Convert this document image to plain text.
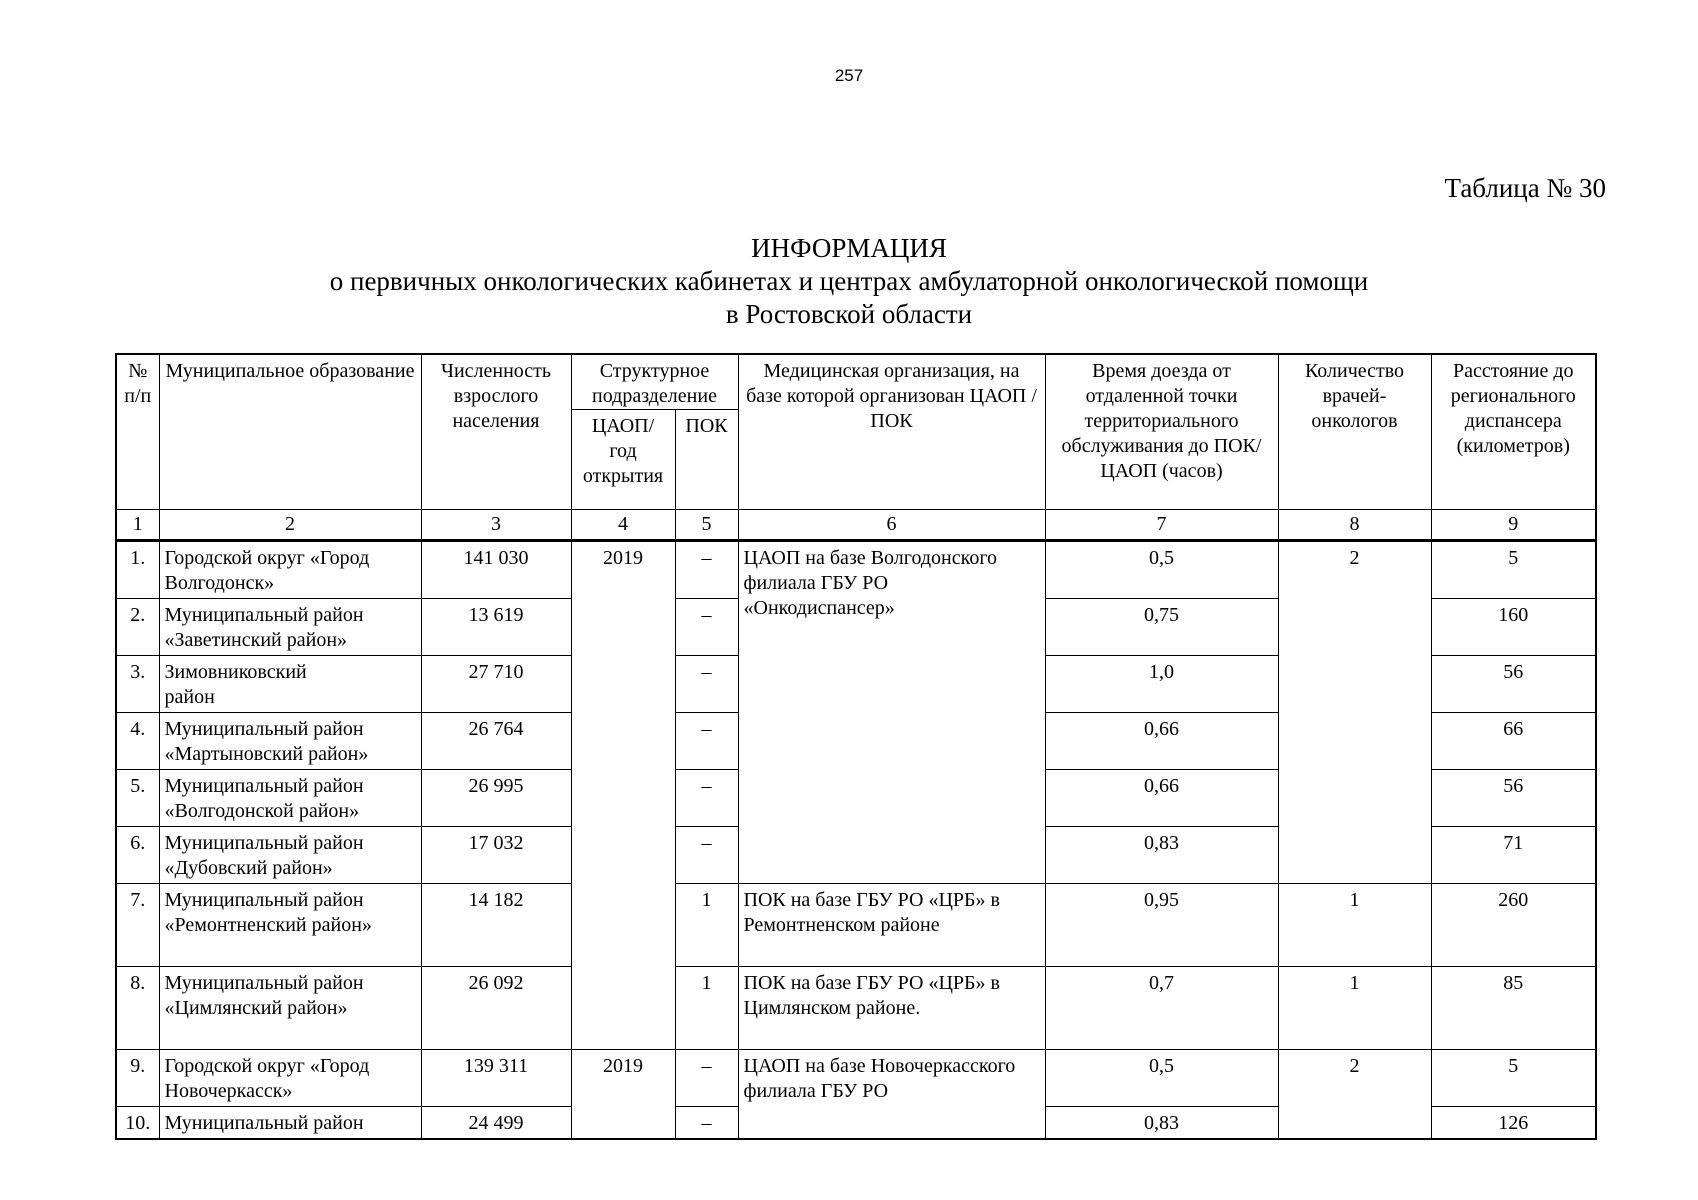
257
Таблица № 30
ИНФОРМАЦИЯ
о первичных онкологических кабинетах и центрах амбулаторной онкологической помощи
в Ростовской области
№ п/п	Муниципальное образование	Численность взрослого населения	Структурное подразделение		Медицинская организация, на базе которой организован ЦАОП /ПОК	Время доезда от отдаленной точки территориального обслуживания до ПОК/ЦАОП (часов)	Количество врачей-онкологов	Расстояние до регионального диспансера (километров)
			ЦАОП/ год открытия	ПОК				
1	2	3	4	5	6	7	8	9
1.	Городской округ «Город Волгодонск»	141 030	2019	–	ЦАОП на базе Волгодонского филиала ГБУ РО «Онкодиспансер»	0,5	2	5
2.	Муниципальный район «Заветинский район»	13 619		–		0,75		160
3.	Зимовниковский район	27 710		–		1,0		56
4.	Муниципальный район «Мартыновский район»	26 764		–		0,66		66
5.	Муниципальный район «Волгодонской район»	26 995		–		0,66		56
6.	Муниципальный район «Дубовский район»	17 032		–		0,83		71
7.	Муниципальный район «Ремонтненский район»	14 182		1	ПОК на базе ГБУ РО «ЦРБ» в Ремонтненском районе	0,95	1	260
8.	Муниципальный район «Цимлянский район»	26 092		1	ПОК на базе ГБУ РО «ЦРБ» в Цимлянском районе.	0,7	1	85
9.	Городской округ «Город Новочеркасск»	139 311	2019	–	ЦАОП на базе Новочеркасского филиала ГБУ РО	0,5	2	5
10.	Муниципальный район	24 499		–		0,83		126
